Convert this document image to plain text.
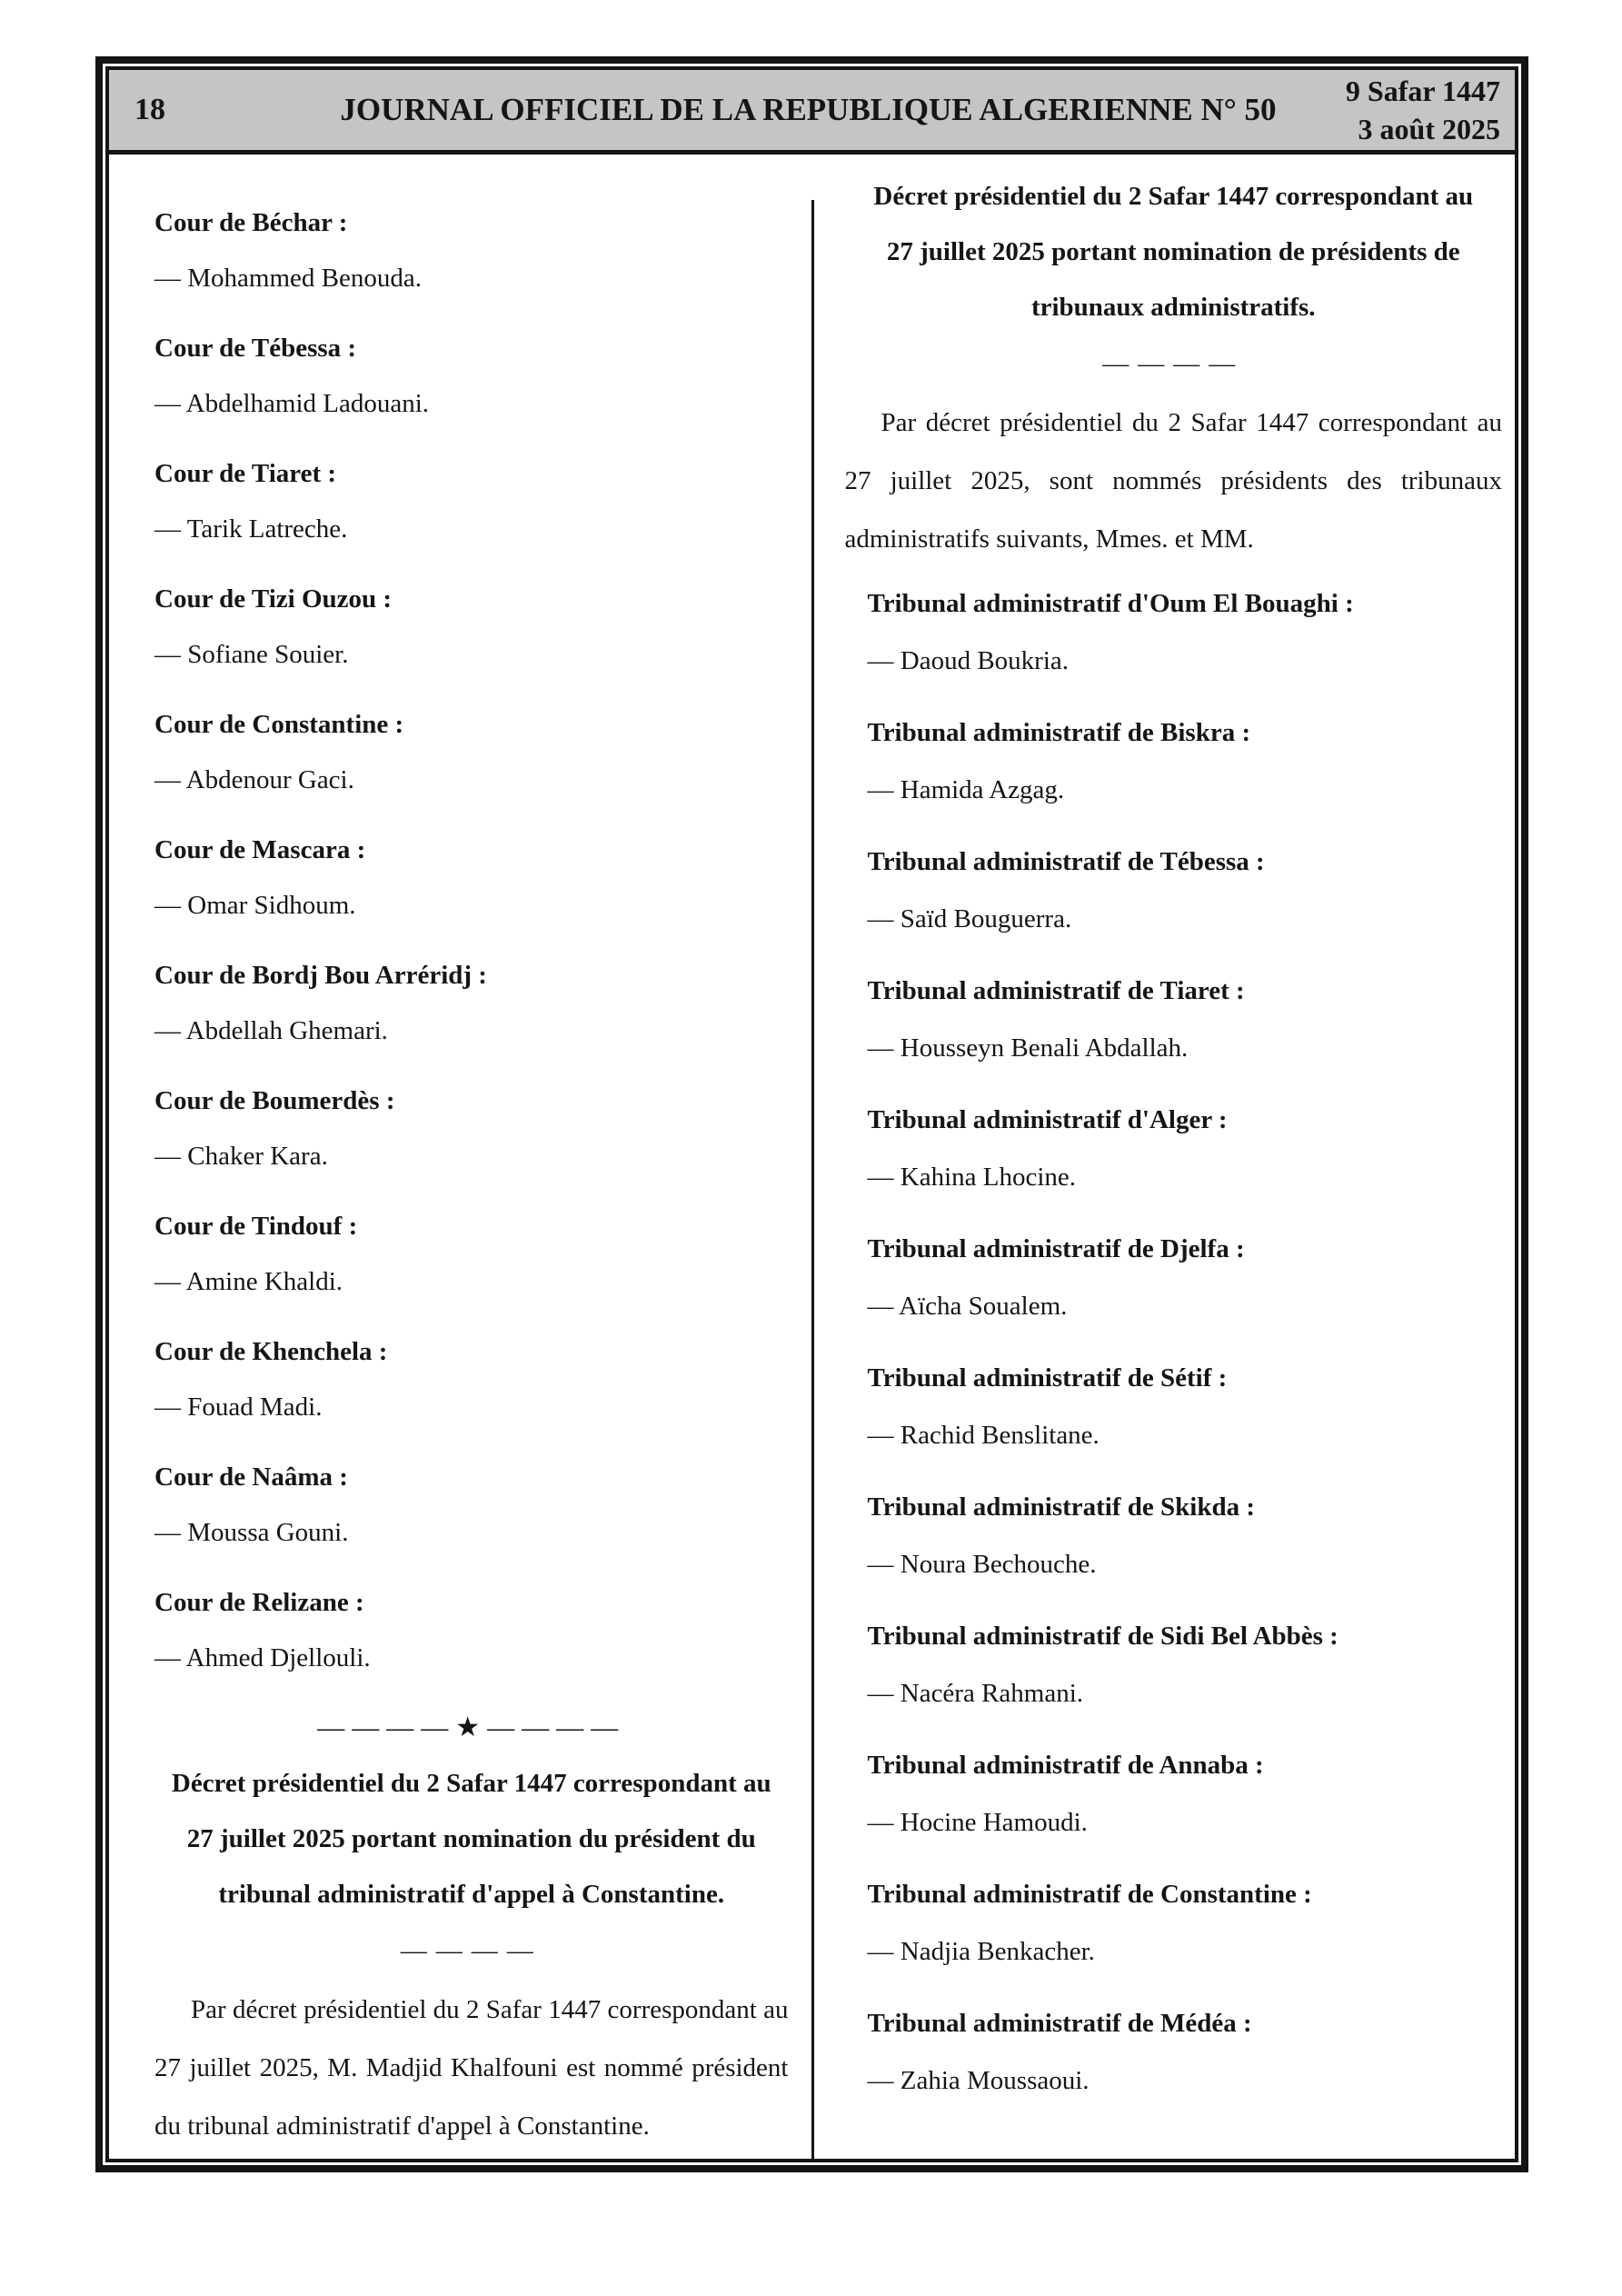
18	JOURNAL OFFICIEL DE LA REPUBLIQUE ALGERIENNE N° 50
9 Safar 1447
3 août 2025
Cour de Béchar :
— Mohammed Benouda.
Cour de Tébessa :
— Abdelhamid Ladouani.
Cour de Tiaret :
— Tarik Latreche.
Cour de Tizi Ouzou :
— Sofiane Souier.
Cour de Constantine :
— Abdenour Gaci.
Cour de Mascara :
— Omar Sidhoum.
Cour de Bordj Bou Arréridj :
— Abdellah Ghemari.
Cour de Boumerdès :
— Chaker Kara.
Cour de Tindouf :
— Amine Khaldi.
Cour de Khenchela :
— Fouad Madi.
Cour de Naâma :
— Moussa Gouni.
Cour de Relizane :
— Ahmed Djellouli.
————★————
Décret présidentiel du 2 Safar 1447 correspondant au
27 juillet 2025 portant nomination du président du
tribunal administratif d'appel à Constantine.
————

Par décret présidentiel du 2 Safar 1447 correspondant au 27 juillet 2025, M. Madjid Khalfouni est nommé président du tribunal administratif d'appel à Constantine.

Décret présidentiel du 2 Safar 1447 correspondant au
27 juillet 2025 portant nomination de présidents de
tribunaux administratifs.
————

Par décret présidentiel du 2 Safar 1447 correspondant au 27 juillet 2025, sont nommés présidents des tribunaux administratifs suivants, Mmes. et MM.

Tribunal administratif d'Oum El Bouaghi :
— Daoud Boukria.
Tribunal administratif de Biskra :
— Hamida Azgag.
Tribunal administratif de Tébessa :
— Saïd Bouguerra.
Tribunal administratif de Tiaret :
— Housseyn Benali Abdallah.
Tribunal administratif d'Alger :
— Kahina Lhocine.
Tribunal administratif de Djelfa :
— Aïcha Soualem.
Tribunal administratif de Sétif :
— Rachid Benslitane.
Tribunal administratif de Skikda :
— Noura Bechouche.
Tribunal administratif de Sidi Bel Abbès :
— Nacéra Rahmani.
Tribunal administratif de Annaba :
— Hocine Hamoudi.
Tribunal administratif de Constantine :
— Nadjia Benkacher.
Tribunal administratif de Médéa :
— Zahia Moussaoui.
